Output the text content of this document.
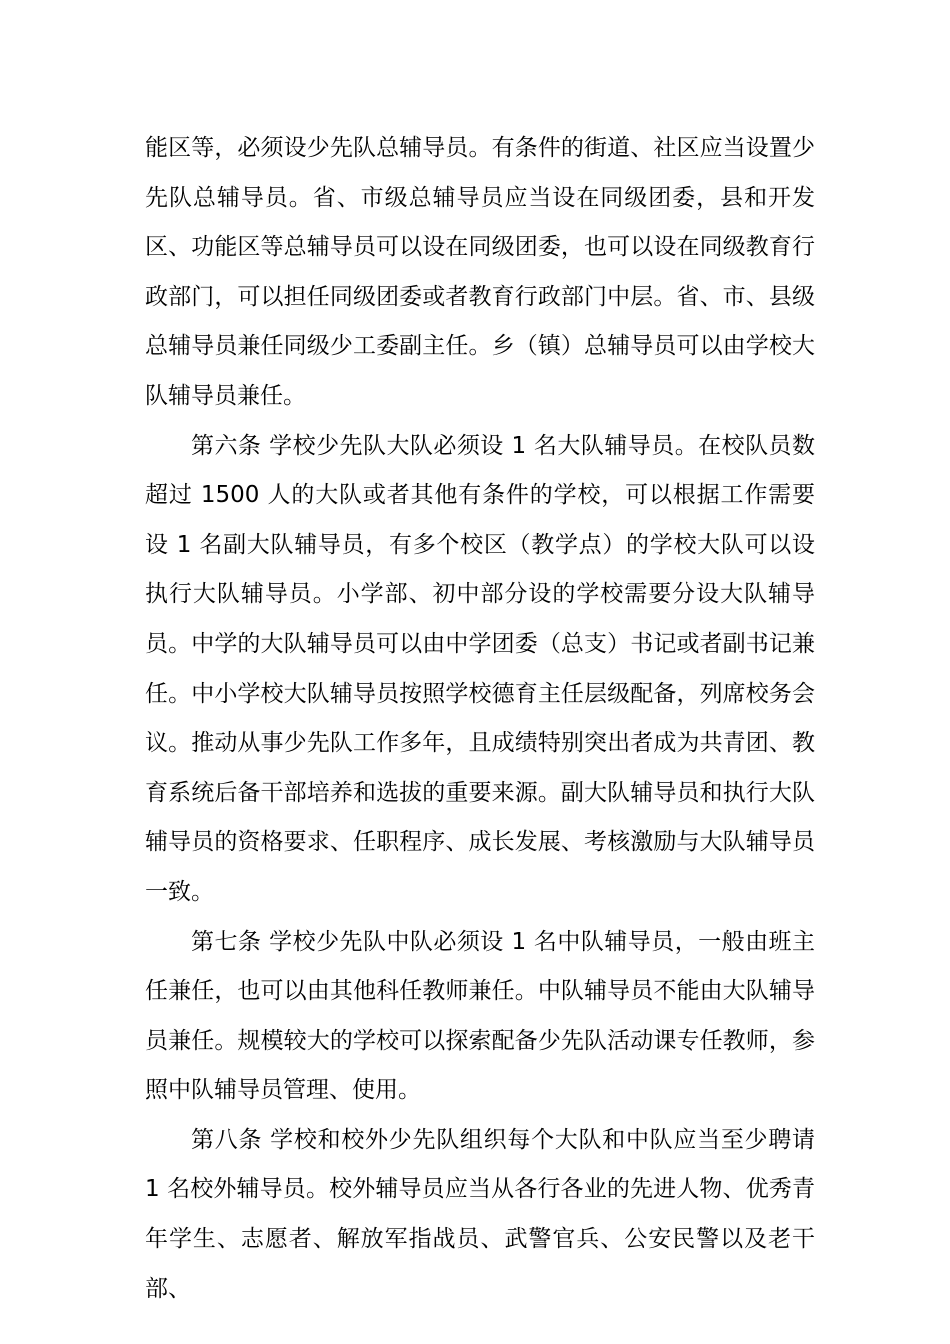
能区等，必须设少先队总辅导员。有条件的街道、社区应当设置少先队总辅导员。省、市级总辅导员应当设在同级团委，县和开发区、功能区等总辅导员可以设在同级团委，也可以设在同级教育行政部门，可以担任同级团委或者教育行政部门中层。省、市、县级总辅导员兼任同级少工委副主任。乡（镇）总辅导员可以由学校大队辅导员兼任。

第六条 学校少先队大队必须设 1 名大队辅导员。在校队员数超过 1500 人的大队或者其他有条件的学校，可以根据工作需要设 1 名副大队辅导员，有多个校区（教学点）的学校大队可以设执行大队辅导员。小学部、初中部分设的学校需要分设大队辅导员。中学的大队辅导员可以由中学团委（总支）书记或者副书记兼任。中小学校大队辅导员按照学校德育主任层级配备，列席校务会议。推动从事少先队工作多年，且成绩特别突出者成为共青团、教育系统后备干部培养和选拔的重要来源。副大队辅导员和执行大队辅导员的资格要求、任职程序、成长发展、考核激励与大队辅导员一致。

第七条 学校少先队中队必须设 1 名中队辅导员，一般由班主任兼任，也可以由其他科任教师兼任。中队辅导员不能由大队辅导员兼任。规模较大的学校可以探索配备少先队活动课专任教师，参照中队辅导员管理、使用。

第八条 学校和校外少先队组织每个大队和中队应当至少聘请 1 名校外辅导员。校外辅导员应当从各行各业的先进人物、优秀青年学生、志愿者、解放军指战员、武警官兵、公安民警以及老干部、
